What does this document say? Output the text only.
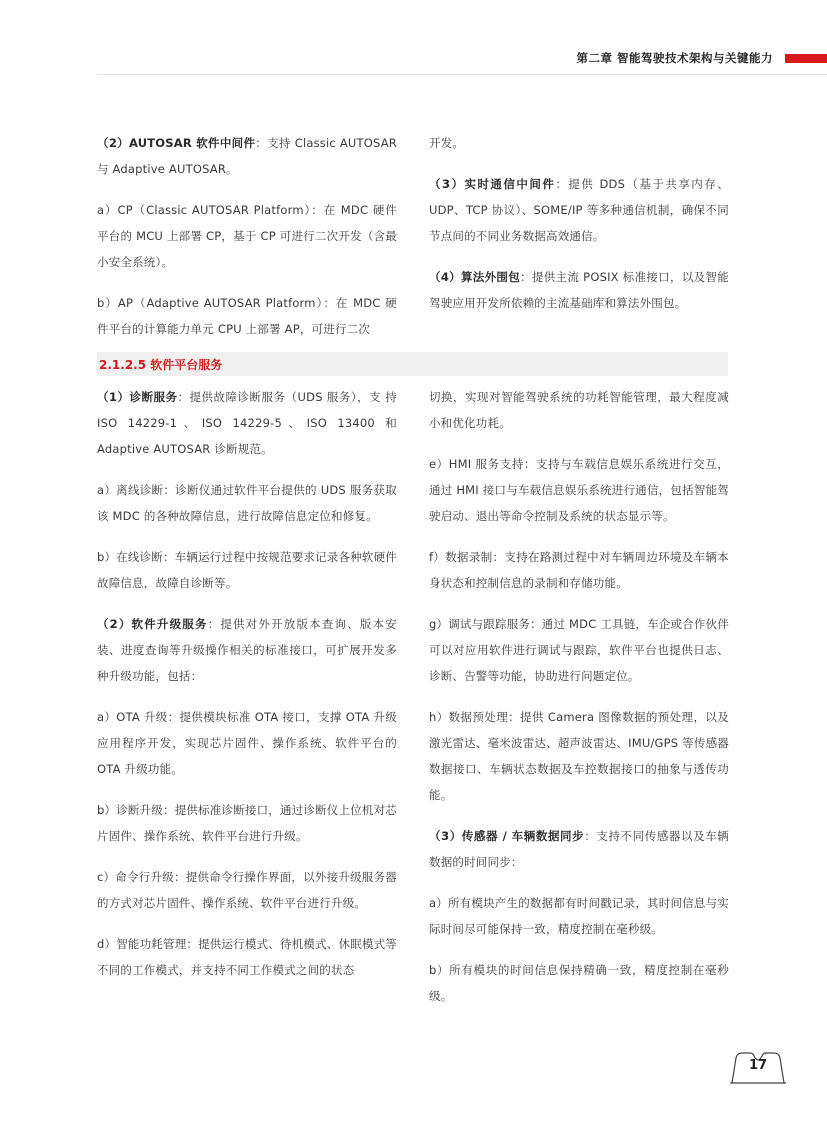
第二章 智能驾驶技术架构与关键能力

（2）AUTOSAR 软件中间件：支持 Classic AUTOSAR 与 Adaptive AUTOSAR。

a）CP（Classic AUTOSAR Platform）：在 MDC 硬件平台的 MCU 上部署 CP，基于 CP 可进行二次开发（含最小安全系统）。

b）AP（Adaptive AUTOSAR Platform）：在 MDC 硬件平台的计算能力单元 CPU 上部署 AP，可进行二次

开发。

（3）实时通信中间件：提供 DDS（基于共享内存、UDP、TCP 协议）、SOME/IP 等多种通信机制，确保不同节点间的不同业务数据高效通信。

（4）算法外围包：提供主流 POSIX 标准接口，以及智能驾驶应用开发所依赖的主流基础库和算法外围包。

2.1.2.5 软件平台服务

（1）诊断服务：提供故障诊断服务（UDS 服务），支 持 ISO 14229-1、ISO 14229-5、ISO 13400 和 Adaptive AUTOSAR 诊断规范。

a）离线诊断：诊断仪通过软件平台提供的 UDS 服务获取该 MDC 的各种故障信息，进行故障信息定位和修复。

b）在线诊断：车辆运行过程中按规范要求记录各种软硬件故障信息，故障自诊断等。

（2）软件升级服务：提供对外开放版本查询、版本安装、进度查询等升级操作相关的标准接口，可扩展开发多种升级功能，包括：

a）OTA 升级：提供模块标准 OTA 接口，支撑 OTA 升级应用程序开发，实现芯片固件、操作系统、软件平台的 OTA 升级功能。

b）诊断升级：提供标准诊断接口，通过诊断仪上位机对芯片固件、操作系统、软件平台进行升级。

c）命令行升级：提供命令行操作界面，以外接升级服务器的方式对芯片固件、操作系统、软件平台进行升级。

d）智能功耗管理：提供运行模式、待机模式、休眠模式等不同的工作模式，并支持不同工作模式之间的状态

切换，实现对智能驾驶系统的功耗智能管理，最大程度减小和优化功耗。

e）HMI 服务支持：支持与车载信息娱乐系统进行交互，通过 HMI 接口与车载信息娱乐系统进行通信，包括智能驾驶启动、退出等命令控制及系统的状态显示等。

f）数据录制：支持在路测过程中对车辆周边环境及车辆本身状态和控制信息的录制和存储功能。

g）调试与跟踪服务：通过 MDC 工具链，车企或合作伙伴可以对应用软件进行调试与跟踪，软件平台也提供日志、诊断、告警等功能，协助进行问题定位。

h）数据预处理：提供 Camera 图像数据的预处理，以及激光雷达、毫米波雷达、超声波雷达、IMU/GPS 等传感器数据接口、车辆状态数据及车控数据接口的抽象与透传功能。

（3）传感器 / 车辆数据同步：支持不同传感器以及车辆数据的时间同步：

a）所有模块产生的数据都有时间戳记录，其时间信息与实际时间尽可能保持一致，精度控制在毫秒级。

b）所有模块的时间信息保持精确一致，精度控制在毫秒级。

17
